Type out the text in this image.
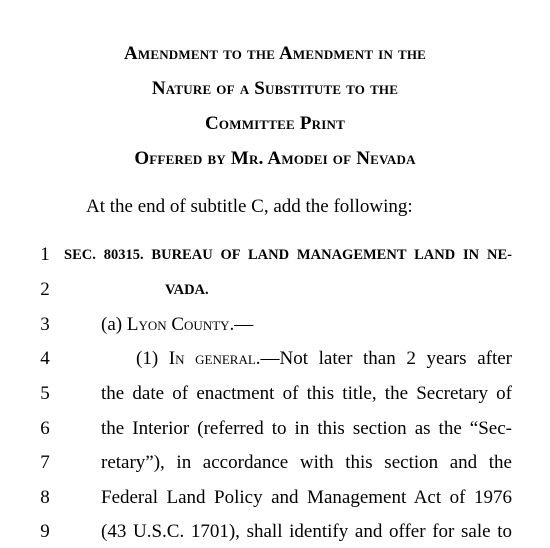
Amendment to the Amendment in the
Nature of a Substitute to the
Committee Print
Offered by Mr. Amodei of Nevada
At the end of subtitle C, add the following:
1 SEC. 80315. BUREAU OF LAND MANAGEMENT LAND IN NE-
2	VADA.
3	(a) Lyon County.—
4	(1) In general.—Not later than 2 years after
5	the date of enactment of this title, the Secretary of
6	the Interior (referred to in this section as the “Sec-
7	retary”), in accordance with this section and the
8	Federal Land Policy and Management Act of 1976
9	(43 U.S.C. 1701), shall identify and offer for sale to
